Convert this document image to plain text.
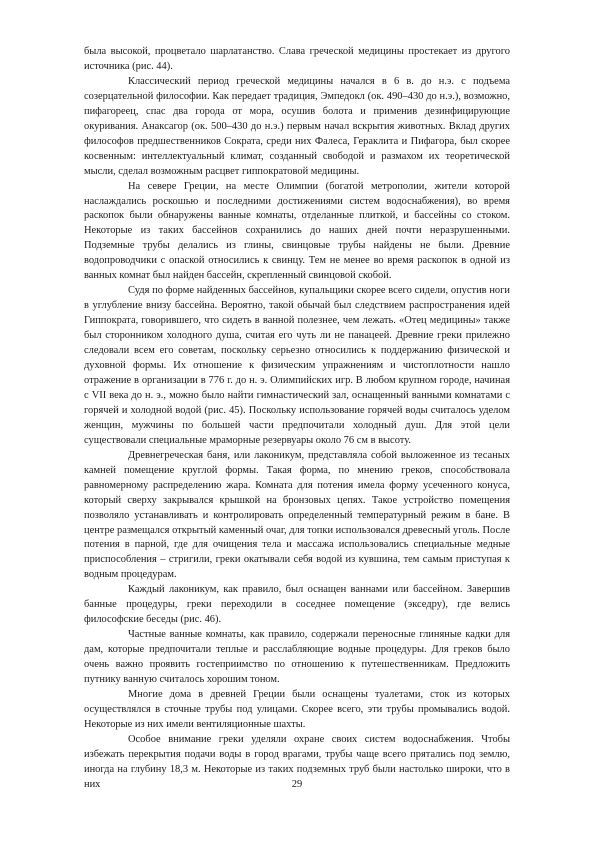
была высокой, процветало шарлатанство. Слава греческой медицины простекает из другого источника (рис. 44).

Классический период греческой медицины начался в 6 в. до н.э. с подъема созерцательной философии. Как передает традиция, Эмпедокл (ок. 490–430 до н.э.), возможно, пифагореец, спас два города от мора, осушив болота и применив дезинфицирующие окуривания. Анаксагор (ок. 500–430 до н.э.) первым начал вскрытия животных. Вклад других философов предшественников Сократа, среди них Фалеса, Гераклита и Пифагора, был скорее косвенным: интеллектуальный климат, созданный свободой и размахом их теоретической мысли, сделал возможным расцвет гиппократовой медицины.

На севере Греции, на месте Олимпии (богатой метрополии, жители которой наслаждались роскошью и последними достижениями систем водоснабжения), во время раскопок были обнаружены ванные комнаты, отделанные плиткой, и бассейны со стоком. Некоторые из таких бассейнов сохранились до наших дней почти неразрушенными. Подземные трубы делались из глины, свинцовые трубы найдены не были. Древние водопроводчики с опаской относились к свинцу. Тем не менее во время раскопок в одной из ванных комнат был найден бассейн, скрепленный свинцовой скобой.

Судя по форме найденных бассейнов, купальщики скорее всего сидели, опустив ноги в углубление внизу бассейна. Вероятно, такой обычай был следствием распространения идей Гиппократа, говорившего, что сидеть в ванной полезнее, чем лежать. «Отец медицины» также был сторонником холодного душа, считая его чуть ли не панацеей. Древние греки прилежно следовали всем его советам, поскольку серьезно относились к поддержанию физической и духовной формы. Их отношение к физическим упражнениям и чистоплотности нашло отражение в организации в 776 г. до н. э. Олимпийских игр. В любом крупном городе, начиная с VII века до н. э., можно было найти гимнастический зал, оснащенный ванными комнатами с горячей и холодной водой (рис. 45). Поскольку использование горячей воды считалось уделом женщин, мужчины по большей части предпочитали холодный душ. Для этой цели существовали специальные мраморные резервуары около 76 см в высоту.

Древнегреческая баня, или лаконикум, представляла собой выложенное из тесаных камней помещение круглой формы. Такая форма, по мнению греков, способствовала равномерному распределению жара. Комната для потения имела форму усеченного конуса, который сверху закрывался крышкой на бронзовых цепях. Такое устройство помещения позволяло устанавливать и контролировать определенный температурный режим в бане. В центре размещался открытый каменный очаг, для топки использовался древесный уголь. После потения в парной, где для очищения тела и массажа использовались специальные медные приспособления – стригили, греки окатывали себя водой из кувшина, тем самым приступая к водным процедурам.

Каждый лаконикум, как правило, был оснащен ваннами или бассейном. Завершив банные процедуры, греки переходили в соседнее помещение (экседру), где велись философские беседы (рис. 46).

Частные ванные комнаты, как правило, содержали переносные глиняные кадки для дам, которые предпочитали теплые и расслабляющие водные процедуры. Для греков было очень важно проявить гостеприимство по отношению к путешественникам. Предложить путнику ванную считалось хорошим тоном.

Многие дома в древней Греции были оснащены туалетами, сток из которых осуществлялся в сточные трубы под улицами. Скорее всего, эти трубы промывались водой. Некоторые из них имели вентиляционные шахты.

Особое внимание греки уделяли охране своих систем водоснабжения. Чтобы избежать перекрытия подачи воды в город врагами, трубы чаще всего прятались под землю, иногда на глубину 18,3 м. Некоторые из таких подземных труб были настолько широки, что в них	29
